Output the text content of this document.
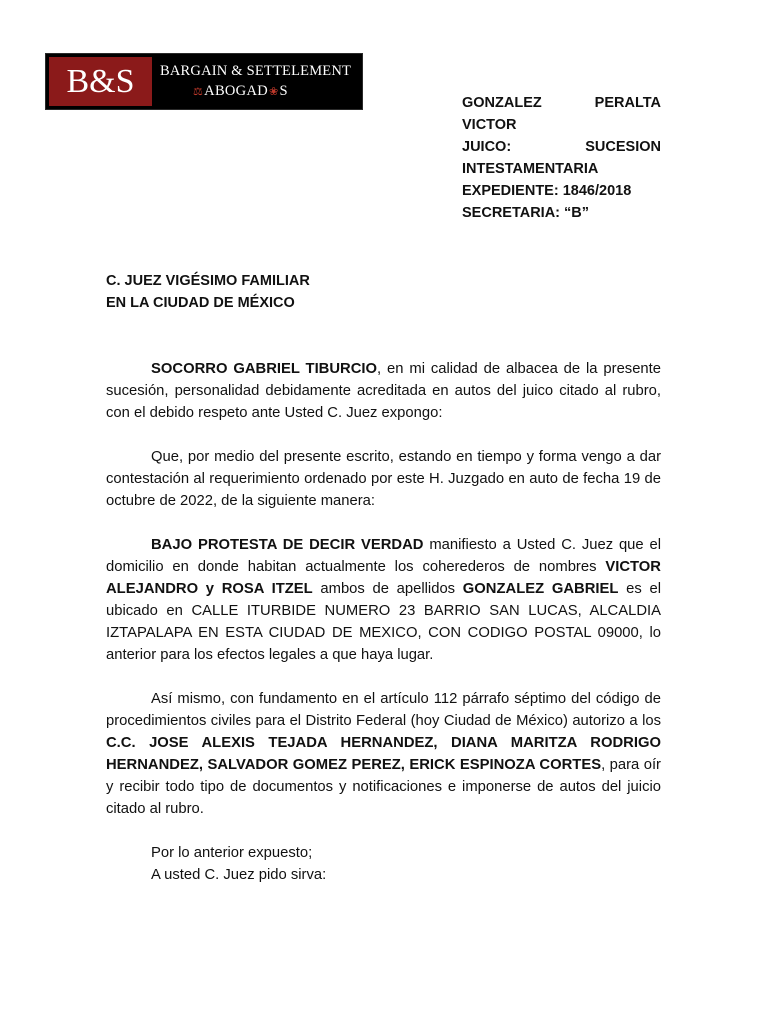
B&S	BARGAIN & SETTELEMENT
⚖ ABOGAD ❀ S
GONZALEZ	PERALTA
VICTOR
JUICO:	SUCESION
INTESTAMENTARIA
EXPEDIENTE: 1846/2018
SECRETARIA: “B”
C. JUEZ VIGÉSIMO FAMILIAR
EN LA CIUDAD DE MÉXICO

SOCORRO GABRIEL TIBURCIO, en mi calidad de albacea de la presente sucesión, personalidad debidamente acreditada en autos del juico citado al rubro, con el debido respeto ante Usted C. Juez expongo:

Que, por medio del presente escrito, estando en tiempo y forma vengo a dar contestación al requerimiento ordenado por este H. Juzgado en auto de fecha 19 de octubre de 2022, de la siguiente manera:

BAJO PROTESTA DE DECIR VERDAD manifiesto a Usted C. Juez que el domicilio en donde habitan actualmente los coherederos de nombres VICTOR ALEJANDRO y ROSA ITZEL ambos de apellidos GONZALEZ GABRIEL es el ubicado en CALLE ITURBIDE NUMERO 23 BARRIO SAN LUCAS, ALCALDIA IZTAPALAPA EN ESTA CIUDAD DE MEXICO, CON CODIGO POSTAL 09000, lo anterior para los efectos legales a que haya lugar.

Así mismo, con fundamento en el artículo 112 párrafo séptimo del código de procedimientos civiles para el Distrito Federal (hoy Ciudad de México) autorizo a los C.C. JOSE ALEXIS TEJADA HERNANDEZ, DIANA MARITZA RODRIGO HERNANDEZ, SALVADOR GOMEZ PEREZ, ERICK ESPINOZA CORTES, para oír y recibir todo tipo de documentos y notificaciones e imponerse de autos del juicio citado al rubro.

Por lo anterior expuesto;

A usted C. Juez pido sirva:
